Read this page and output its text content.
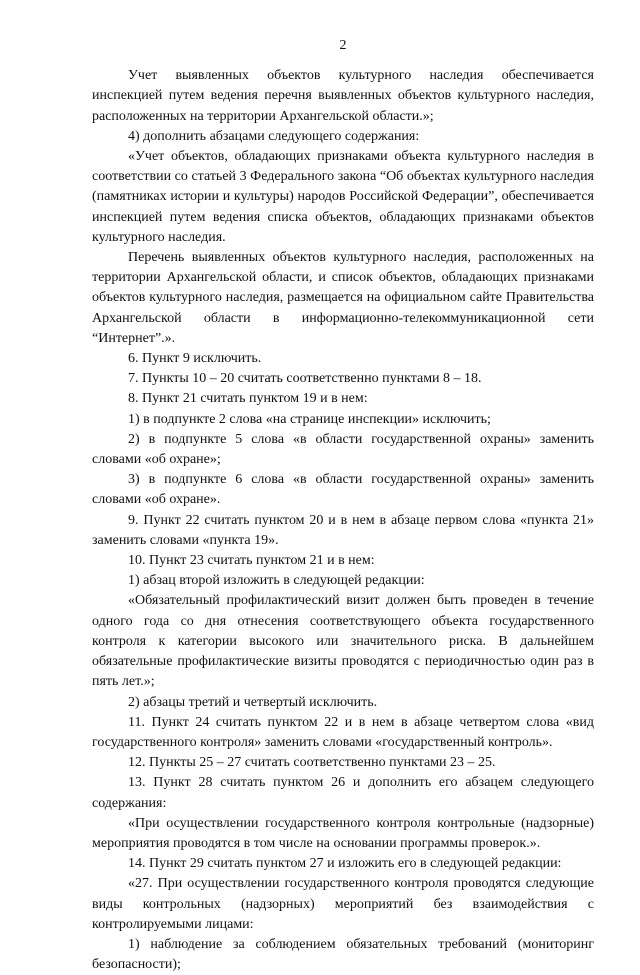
2

Учет выявленных объектов культурного наследия обеспечивается инспекцией путем ведения перечня выявленных объектов культурного наследия, расположенных на территории Архангельской области.»;

4) дополнить абзацами следующего содержания:

«Учет объектов, обладающих признаками объекта культурного наследия в соответствии со статьей 3 Федерального закона “Об объектах культурного наследия (памятниках истории и культуры) народов Российской Федерации”, обеспечивается инспекцией путем ведения списка объектов, обладающих признаками объектов культурного наследия.

Перечень выявленных объектов культурного наследия, расположенных на территории Архангельской области, и список объектов, обладающих признаками объектов культурного наследия, размещается на официальном сайте Правительства Архангельской области в информационно-телекоммуникационной сети “Интернет”.».

6. Пункт 9 исключить.

7. Пункты 10 – 20 считать соответственно пунктами 8 – 18.

8. Пункт 21 считать пунктом 19 и в нем:

1) в подпункте 2 слова «на странице инспекции» исключить;

2) в подпункте 5 слова «в области государственной охраны» заменить словами «об охране»;

3) в подпункте 6 слова «в области государственной охраны» заменить словами «об охране».

9. Пункт 22 считать пунктом 20 и в нем в абзаце первом слова «пункта 21» заменить словами «пункта 19».

10. Пункт 23 считать пунктом 21 и в нем:

1) абзац второй изложить в следующей редакции:

«Обязательный профилактический визит должен быть проведен в течение одного года со дня отнесения соответствующего объекта государственного контроля к категории высокого или значительного риска. В дальнейшем обязательные профилактические визиты проводятся с периодичностью один раз в пять лет.»;

2) абзацы третий и четвертый исключить.

11. Пункт 24 считать пунктом 22 и в нем в абзаце четвертом слова «вид государственного контроля» заменить словами «государственный контроль».

12. Пункты 25 – 27 считать соответственно пунктами 23 – 25.

13. Пункт 28 считать пунктом 26 и дополнить его абзацем следующего содержания:

«При осуществлении государственного контроля контрольные (надзорные) мероприятия проводятся в том числе на основании программы проверок.».

14. Пункт 29 считать пунктом 27 и изложить его в следующей редакции:

«27. При осуществлении государственного контроля проводятся следующие виды контрольных (надзорных) мероприятий без взаимодействия с контролируемыми лицами:

1) наблюдение за соблюдением обязательных требований (мониторинг безопасности);
